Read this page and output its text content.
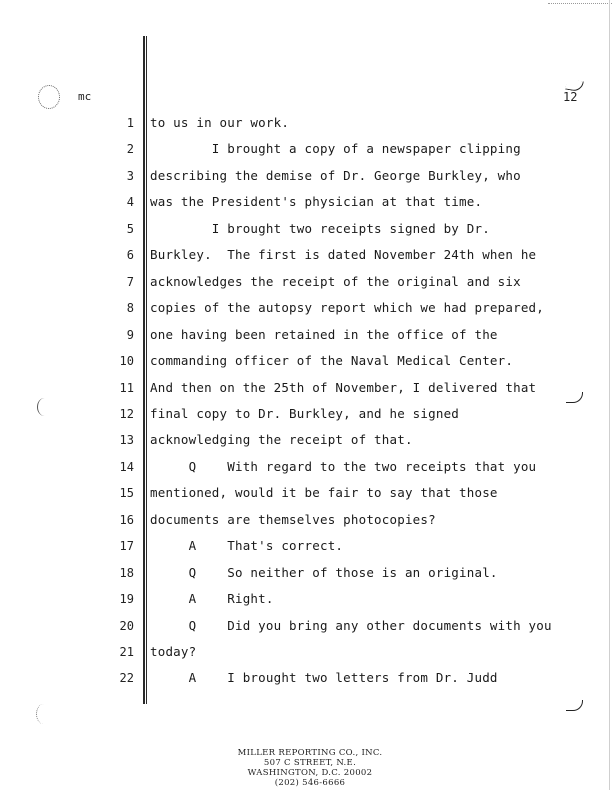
mc	12
1 to us in our work.
2 I brought a copy of a newspaper clipping
3 describing the demise of Dr. George Burkley, who
4 was the President's physician at that time.
5 I brought two receipts signed by Dr.
6 Burkley.  The first is dated November 24th when he
7 acknowledges the receipt of the original and six
8 copies of the autopsy report which we had prepared,
9 one having been retained in the office of the
10 commanding officer of the Naval Medical Center.
11 And then on the 25th of November, I delivered that
12 final copy to Dr. Burkley, and he signed
13 acknowledging the receipt of that.
14 Q    With regard to the two receipts that you
15 mentioned, would it be fair to say that those
16 documents are themselves photocopies?
17 A    That's correct.
18 Q    So neither of those is an original.
19 A    Right.
20 Q    Did you bring any other documents with you
21 today?
22 A    I brought two letters from Dr. Judd
MILLER REPORTING CO., INC.
507 C STREET, N.E.
WASHINGTON, D.C. 20002
(202) 546-6666
